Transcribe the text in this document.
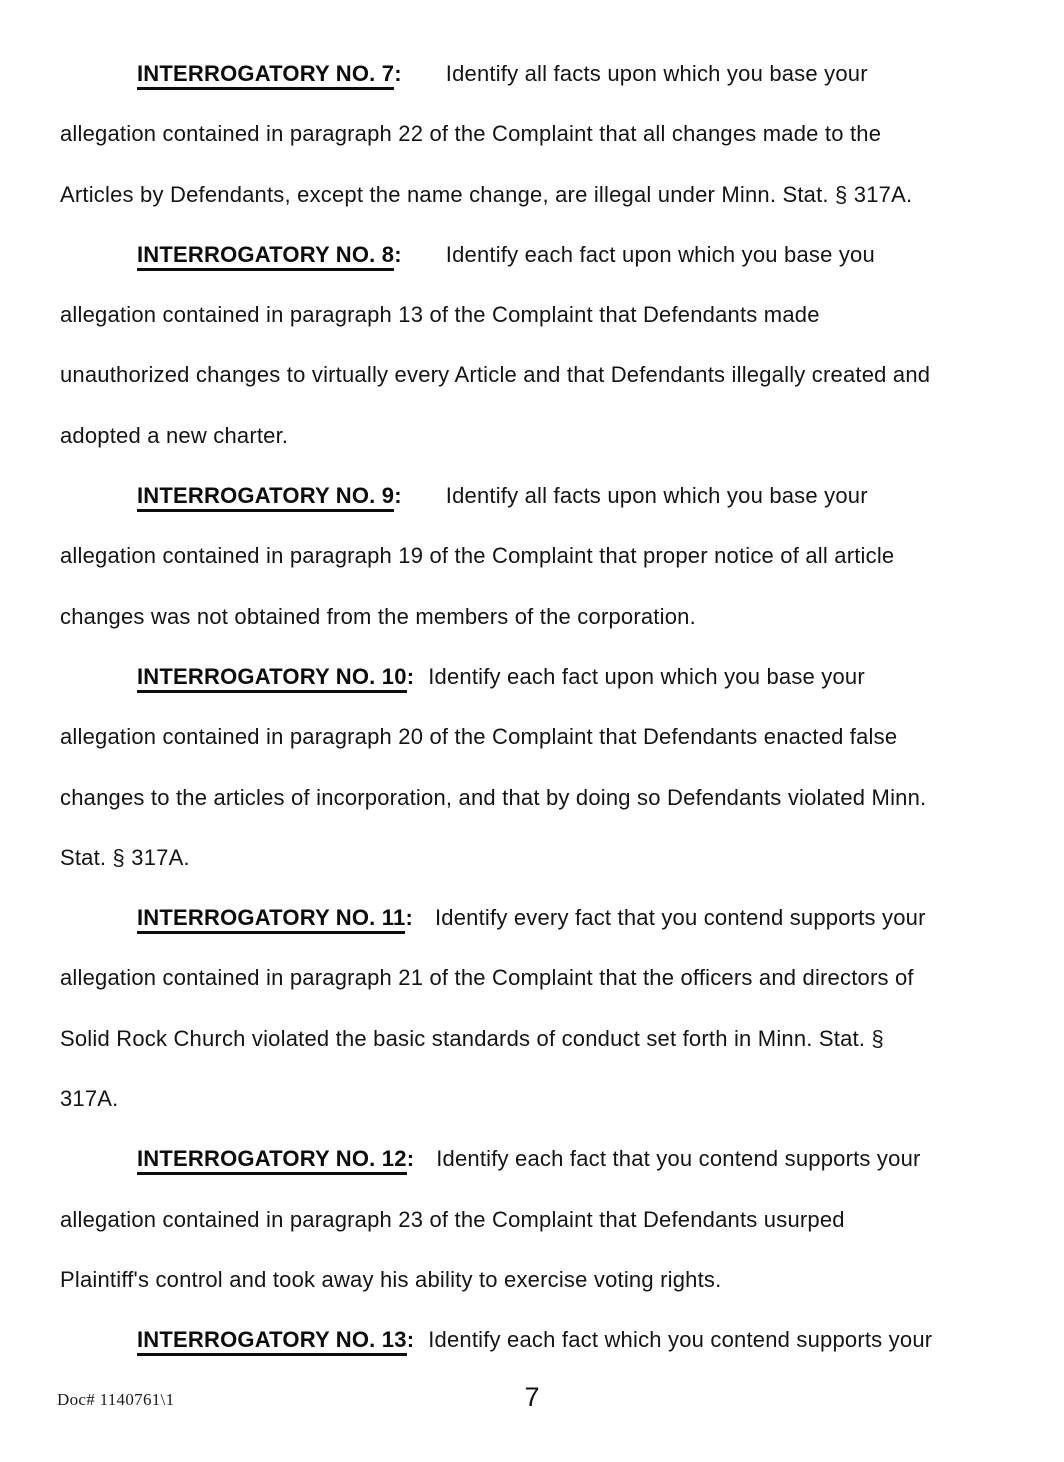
INTERROGATORY NO. 7: Identify all facts upon which you base your
allegation contained in paragraph 22 of the Complaint that all changes made to the
Articles by Defendants, except the name change, are illegal under Minn. Stat. § 317A.
INTERROGATORY NO. 8: Identify each fact upon which you base you
allegation contained in paragraph 13 of the Complaint that Defendants made
unauthorized changes to virtually every Article and that Defendants illegally created and
adopted a new charter.
INTERROGATORY NO. 9: Identify all facts upon which you base your
allegation contained in paragraph 19 of the Complaint that proper notice of all article
changes was not obtained from the members of the corporation.
INTERROGATORY NO. 10: Identify each fact upon which you base your
allegation contained in paragraph 20 of the Complaint that Defendants enacted false
changes to the articles of incorporation, and that by doing so Defendants violated Minn.
Stat. § 317A.
INTERROGATORY NO. 11: Identify every fact that you contend supports your
allegation contained in paragraph 21 of the Complaint that the officers and directors of
Solid Rock Church violated the basic standards of conduct set forth in Minn. Stat. §
317A.
INTERROGATORY NO. 12: Identify each fact that you contend supports your
allegation contained in paragraph 23 of the Complaint that Defendants usurped
Plaintiff's control and took away his ability to exercise voting rights.
INTERROGATORY NO. 13: Identify each fact which you contend supports your
Doc# 1140761\1	7
